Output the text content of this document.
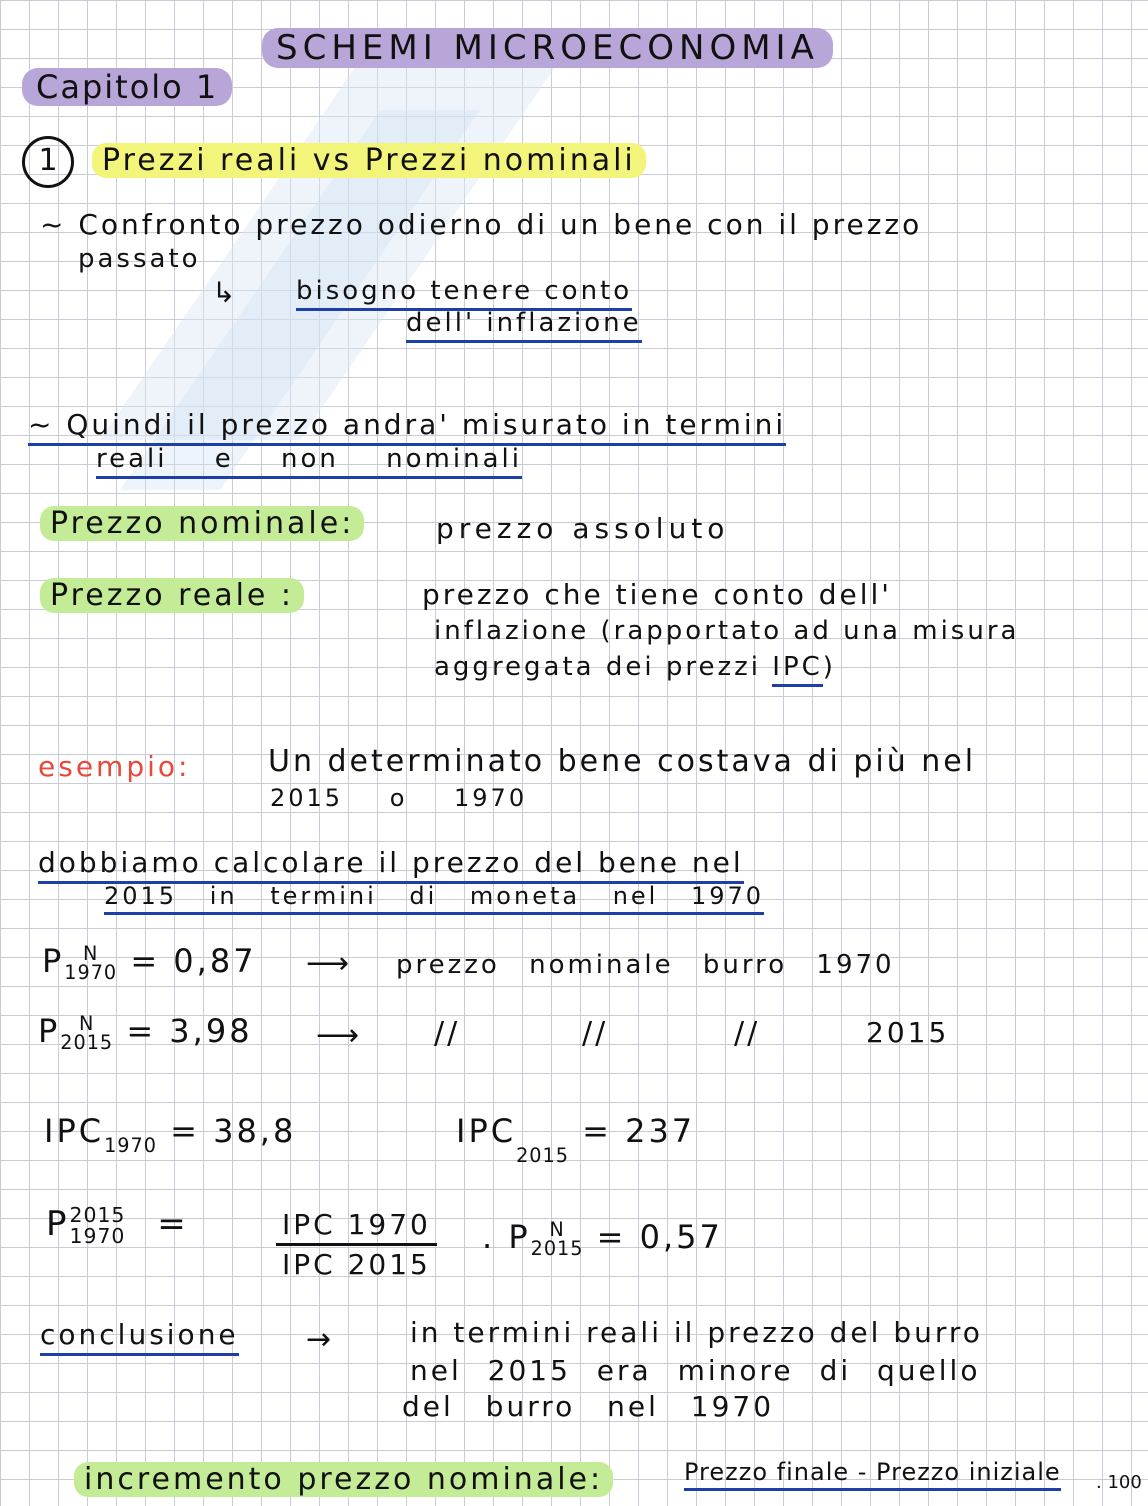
SCHEMI MICROECONOMIA
Capitolo 1
1 Prezzi reali vs Prezzi nominali
~ Confronto prezzo odierno di un bene con il prezzo
passato
↳ bisogno tenere conto
dell' inflazione
~ Quindi il prezzo andra' misurato in termini
reali e non nominali
Prezzo nominale:	prezzo assoluto
Prezzo reale :	prezzo che tiene conto dell'
inflazione (rapportato ad una misura
aggregata dei prezzi IPC)
esempio:	Un determinato bene costava di più nel
2015 o 1970
dobbiamo calcolare il prezzo del bene nel
2015 in termini di moneta nel 1970
P N
1970 = 0,87 ⟶ prezzo nominale burro 1970
P N
2015 = 3,98 ⟶ //	//	//	2015
$IPC_{1970} = 38,8$	$IPC_{2015} = 237$
P 2015
1970 =	IPC 1970
IPC 2015
. P N
2015 = 0,57
conclusione →	in termini reali il prezzo del burro
nel 2015 era minore di quello
del burro nel 1970
incremento prezzo nominale:	Prezzo finale - Prezzo iniziale . 100
